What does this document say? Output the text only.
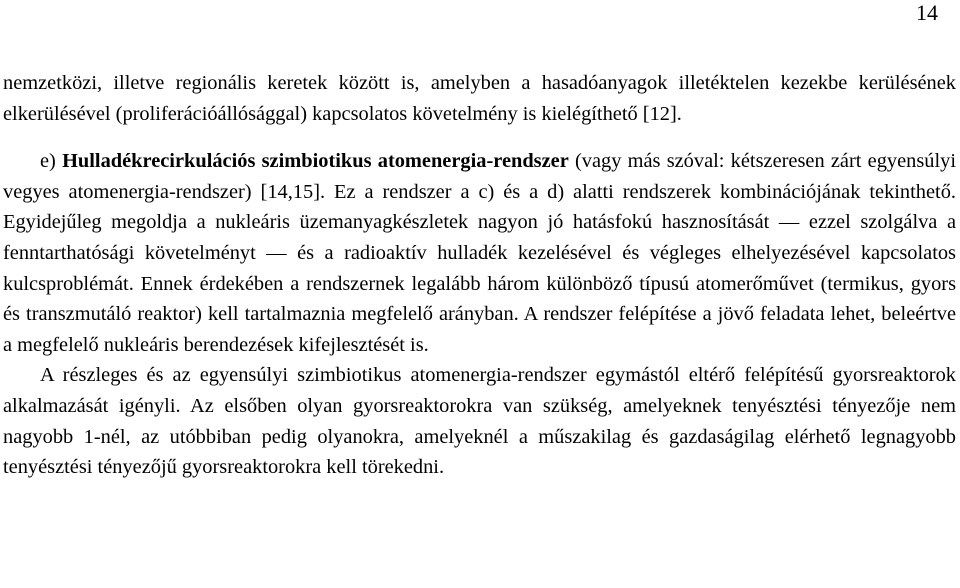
14

nemzetközi, illetve regionális keretek között is, amelyben a hasadóanyagok illetéktelen kezekbe kerülésének elkerülésével (proliferációállósággal) kapcsolatos követelmény is kielégíthető [12].

e) Hulladékrecirkulációs szimbiotikus atomenergia-rendszer (vagy más szóval: kétszeresen zárt egyensúlyi vegyes atomenergia-rendszer) [14,15]. Ez a rendszer a c) és a d) alatti rendszerek kombinációjának tekinthető. Egyidejűleg megoldja a nukleáris üzemanyagkészletek nagyon jó hatásfokú hasznosítását — ezzel szolgálva a fenntarthatósági követelményt — és a radioaktív hulladék kezelésével és végleges elhelyezésével kapcsolatos kulcsproblémát. Ennek érdekében a rendszernek legalább három különböző típusú atomerőművet (termikus, gyors és transzmutáló reaktor) kell tartalmaznia megfelelő arányban. A rendszer felépítése a jövő feladata lehet, beleértve a megfelelő nukleáris berendezések kifejlesztését is.

A részleges és az egyensúlyi szimbiotikus atomenergia-rendszer egymástól eltérő felépítésű gyorsreaktorok alkalmazását igényli. Az elsőben olyan gyorsreaktorokra van szükség, amelyeknek tenyésztési tényezője nem nagyobb 1-nél, az utóbbiban pedig olyanokra, amelyeknél a műszakilag és gazdaságilag elérhető legnagyobb tenyésztési tényezőjű gyorsreaktorokra kell törekedni.
